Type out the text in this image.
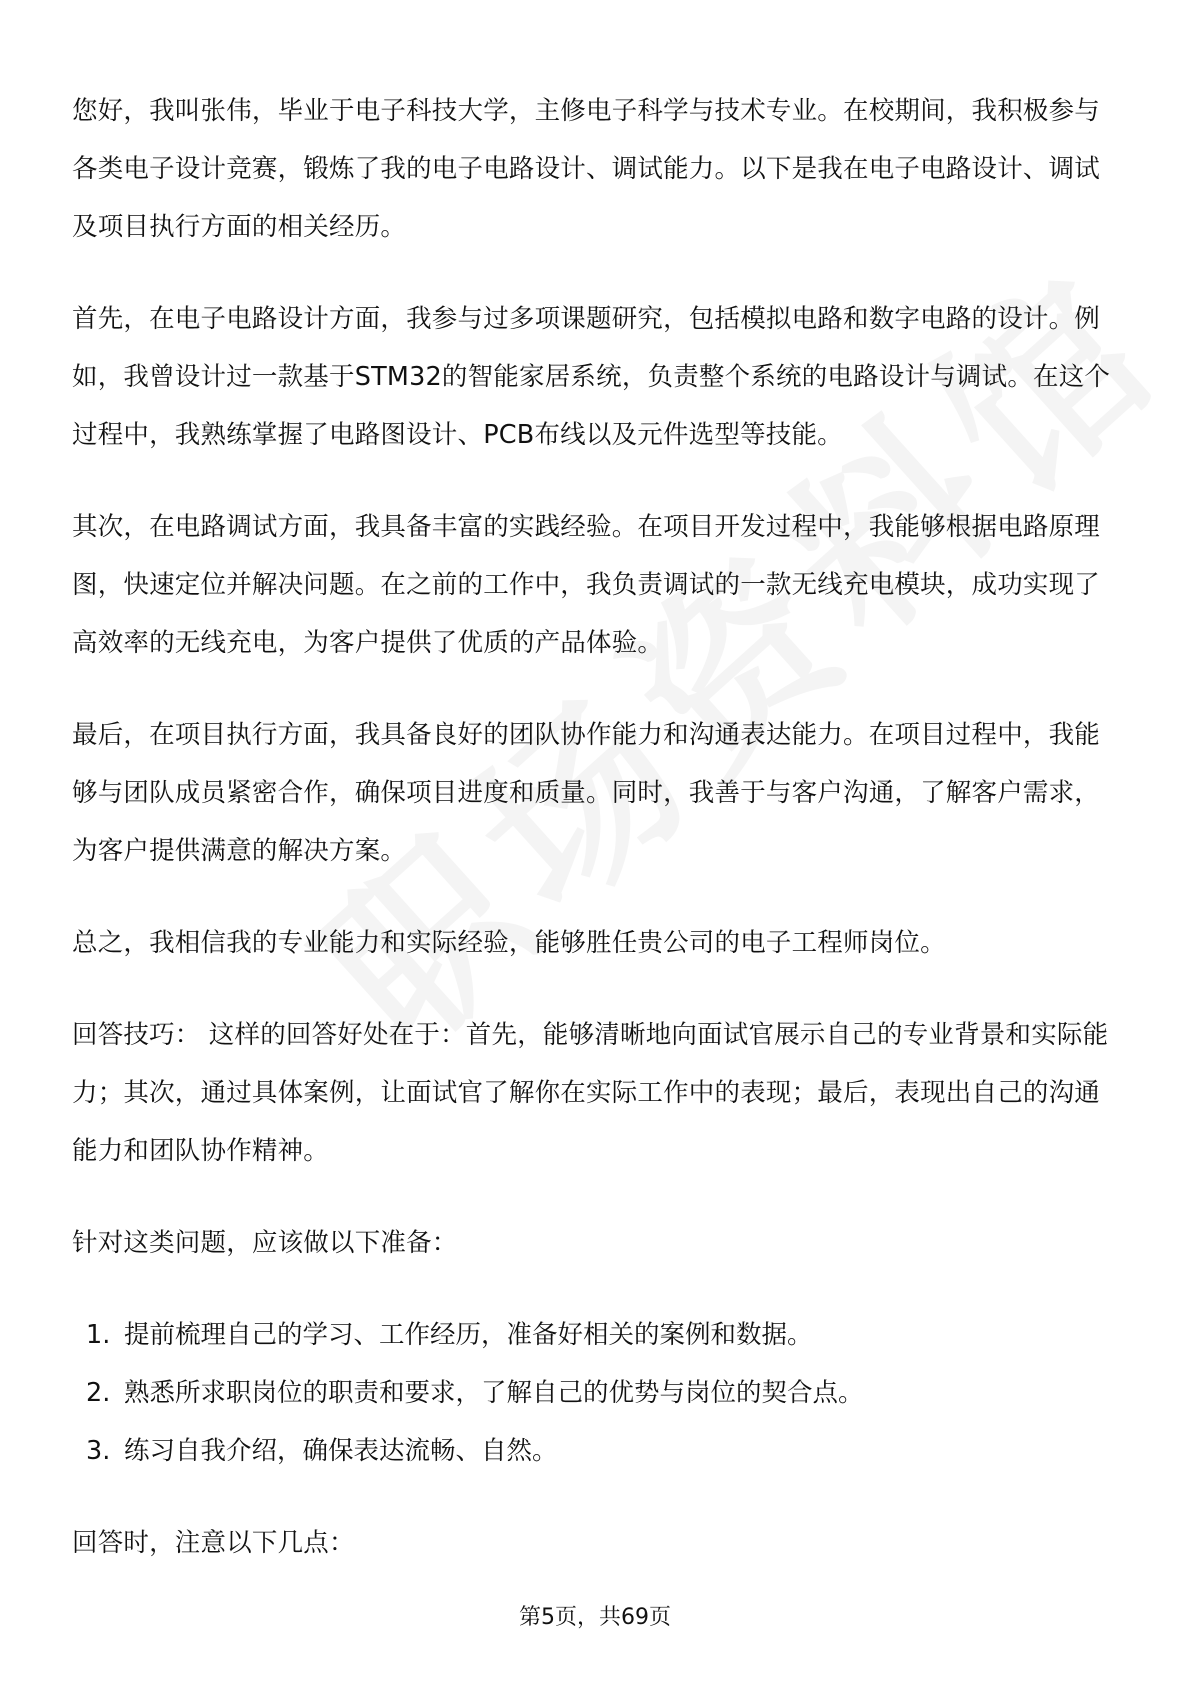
您好，我叫张伟，毕业于电子科技大学，主修电子科学与技术专业。在校期间，我积极参与各类电子设计竞赛，锻炼了我的电子电路设计、调试能力。以下是我在电子电路设计、调试及项目执行方面的相关经历。

首先，在电子电路设计方面，我参与过多项课题研究，包括模拟电路和数字电路的设计。例如，我曾设计过一款基于STM32的智能家居系统，负责整个系统的电路设计与调试。在这个过程中，我熟练掌握了电路图设计、PCB布线以及元件选型等技能。

其次，在电路调试方面，我具备丰富的实践经验。在项目开发过程中，我能够根据电路原理图，快速定位并解决问题。在之前的工作中，我负责调试的一款无线充电模块，成功实现了高效率的无线充电，为客户提供了优质的产品体验。

最后，在项目执行方面，我具备良好的团队协作能力和沟通表达能力。在项目过程中，我能够与团队成员紧密合作，确保项目进度和质量。同时，我善于与客户沟通，了解客户需求，为客户提供满意的解决方案。

总之，我相信我的专业能力和实际经验，能够胜任贵公司的电子工程师岗位。

回答技巧： 这样的回答好处在于：首先，能够清晰地向面试官展示自己的专业背景和实际能力；其次，通过具体案例，让面试官了解你在实际工作中的表现；最后，表现出自己的沟通能力和团队协作精神。

针对这类问题，应该做以下准备：

1. 提前梳理自己的学习、工作经历，准备好相关的案例和数据。
2. 熟悉所求职岗位的职责和要求，了解自己的优势与岗位的契合点。
3. 练习自我介绍，确保表达流畅、自然。

回答时，注意以下几点：

第5页，共69页
